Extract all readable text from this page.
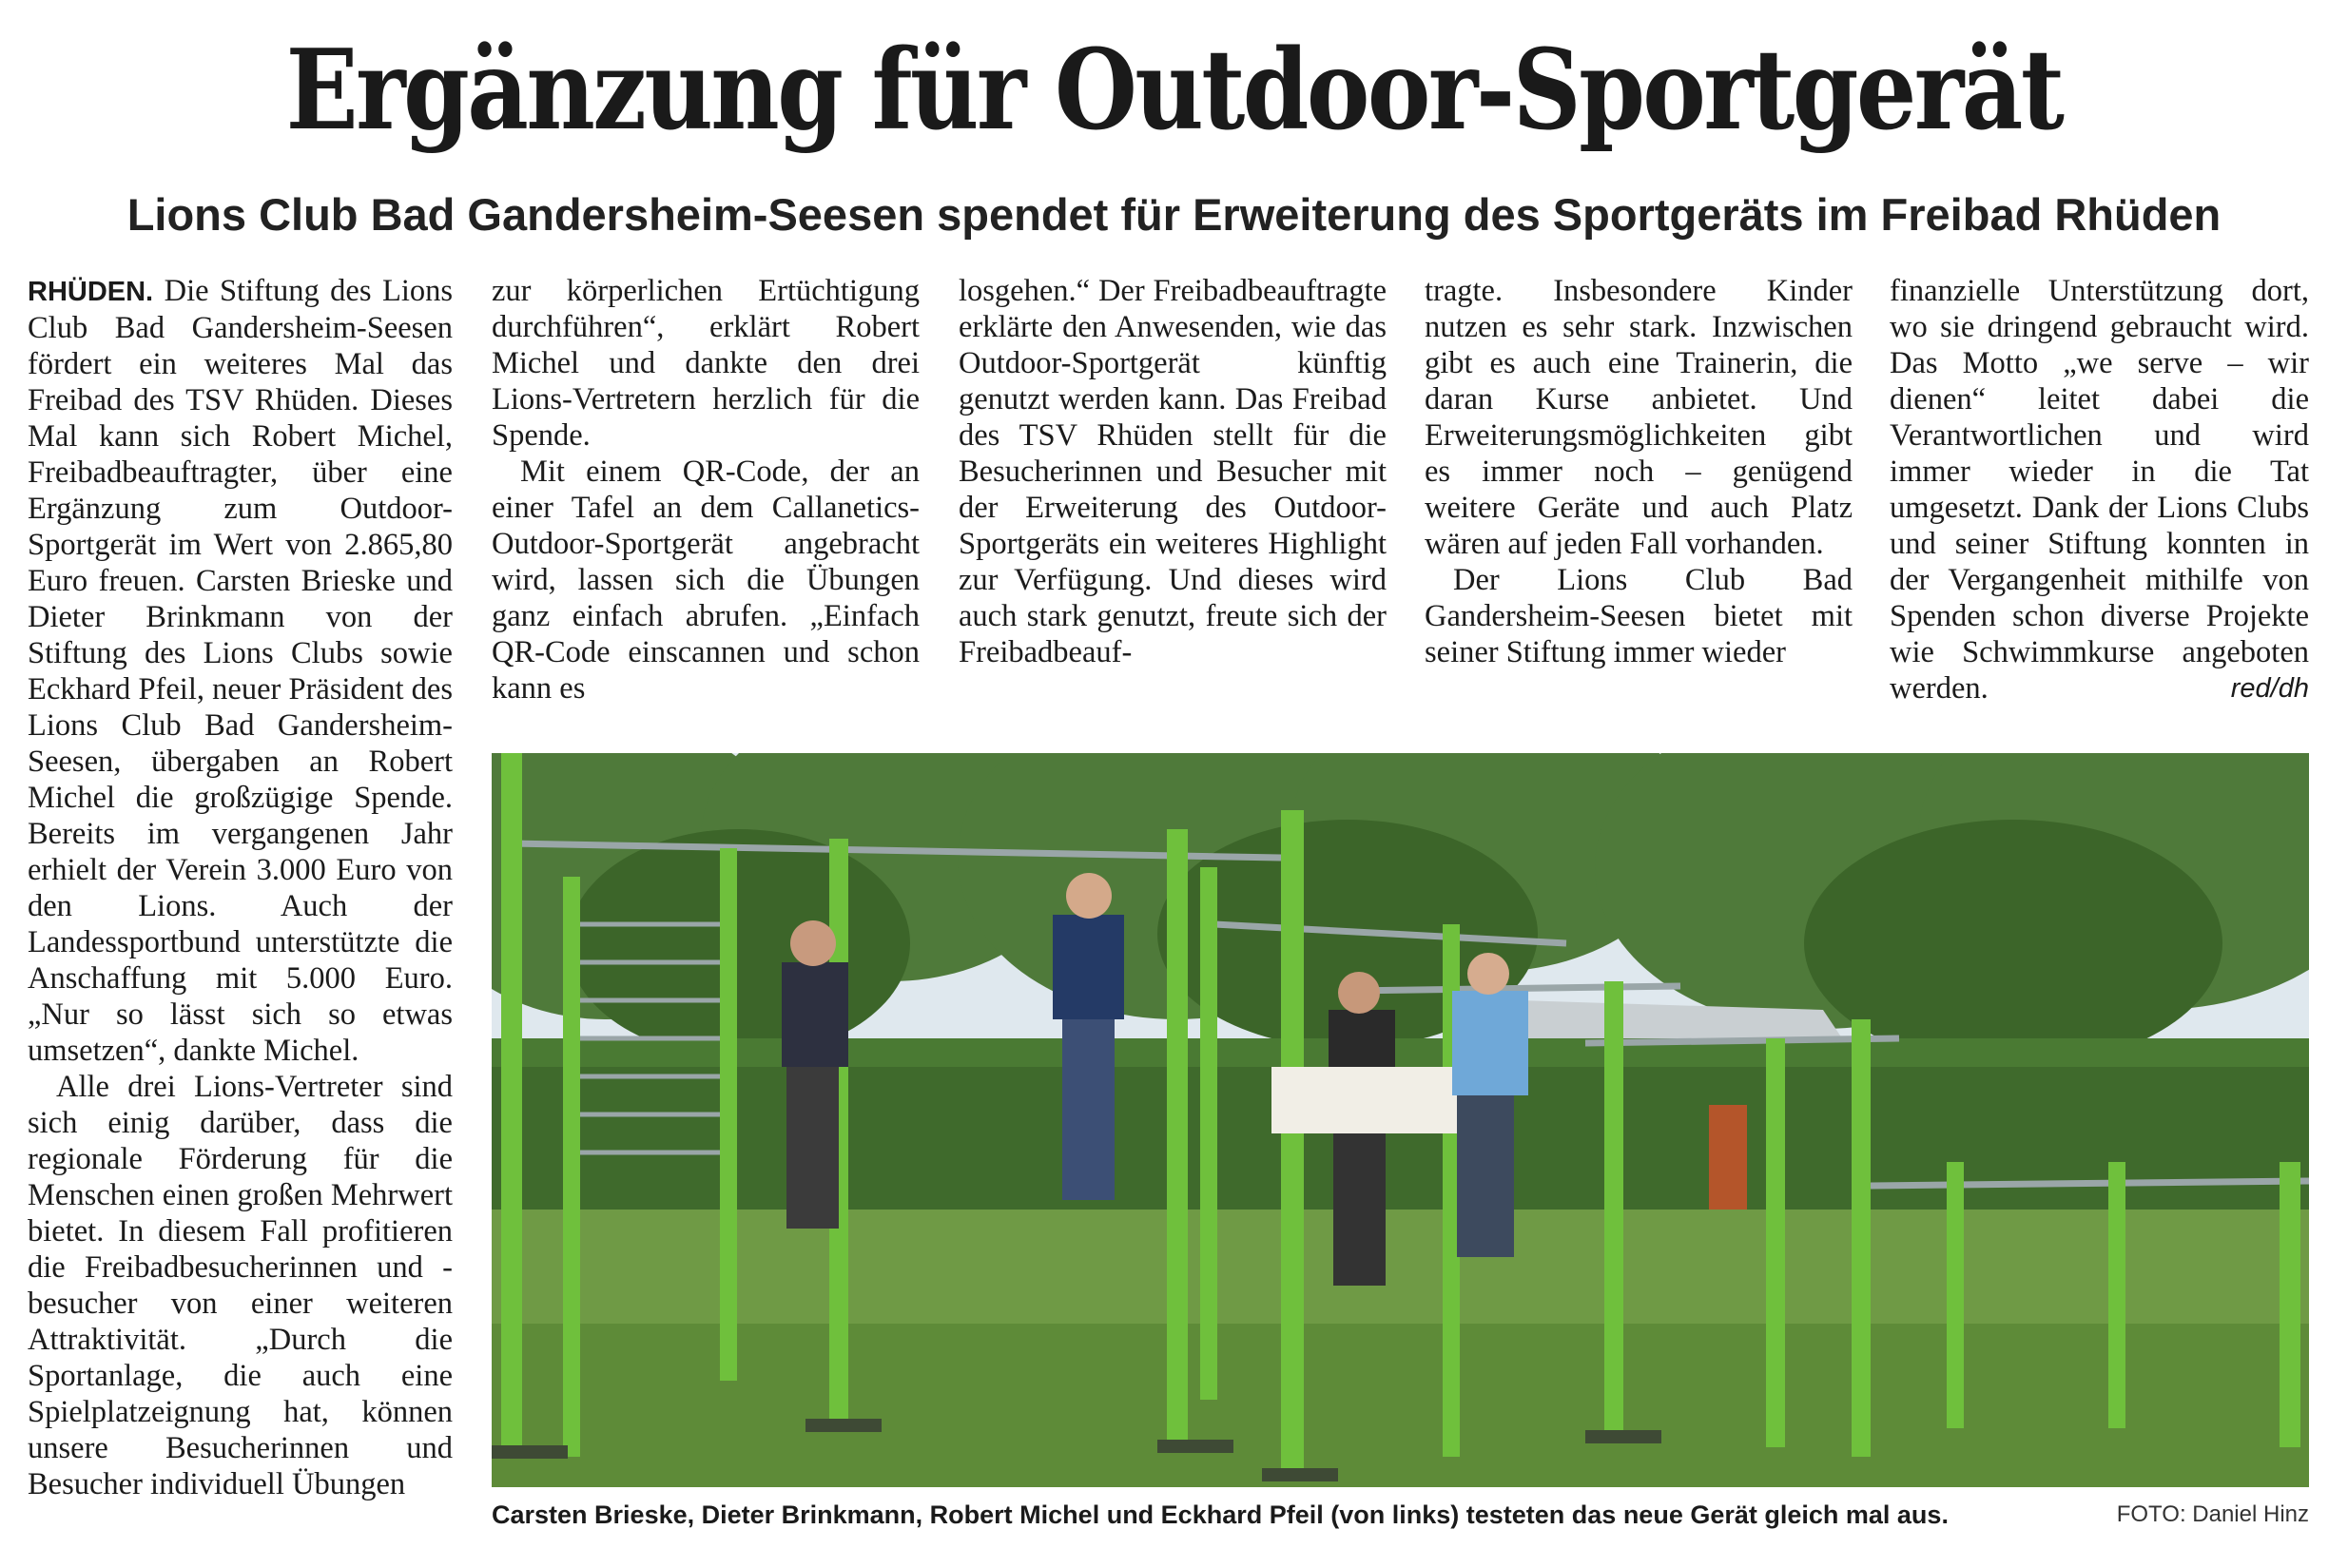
Ergänzung für Outdoor-Sportgerät
Lions Club Bad Gandersheim-Seesen spendet für Erweiterung des Sportgeräts im Freibad Rhüden

RHÜDEN. Die Stiftung des Lions Club Bad Gandersheim-Seesen fördert ein weiteres Mal das Freibad des TSV Rhüden. Dieses Mal kann sich Robert Michel, Freibadbeauftragter, über eine Ergänzung zum Outdoor-Sportgerät im Wert von 2.865,80 Euro freuen. Carsten Brieske und Dieter Brinkmann von der Stiftung des Lions Clubs sowie Eckhard Pfeil, neuer Präsident des Lions Club Bad Gandersheim-Seesen, übergaben an Robert Michel die großzügige Spende. Bereits im vergangenen Jahr erhielt der Verein 3.000 Euro von den Lions. Auch der Landessportbund unterstützte die Anschaffung mit 5.000 Euro. „Nur so lässt sich so etwas umsetzen“, dankte Michel.

Alle drei Lions-Vertreter sind sich einig darüber, dass die regionale Förderung für die Menschen einen großen Mehrwert bietet. In diesem Fall profitieren die Freibadbesucherinnen und -besucher von einer weiteren Attraktivität. „Durch die Sportanlage, die auch eine Spielplatzeignung hat, können unsere Besucherinnen und Besucher individuell Übungen

zur körperlichen Ertüchtigung durchführen“, erklärt Robert Michel und dankte den drei Lions-Vertretern herzlich für die Spende.

Mit einem QR-Code, der an einer Tafel an dem Callanetics-Outdoor-Sportgerät angebracht wird, lassen sich die Übungen ganz einfach abrufen. „Einfach QR-Code einscannen und schon kann es

losgehen.“ Der Freibadbeauftragte erklärte den Anwesenden, wie das Outdoor-Sportgerät künftig genutzt werden kann. Das Freibad des TSV Rhüden stellt für die Besucherinnen und Besucher mit der Erweiterung des Outdoor-Sportgeräts ein weiteres Highlight zur Verfügung. Und dieses wird auch stark genutzt, freute sich der Freibadbeauf-

tragte. Insbesondere Kinder nutzen es sehr stark. Inzwischen gibt es auch eine Trainerin, die daran Kurse anbietet. Und Erweiterungsmöglichkeiten gibt es immer noch – genügend weitere Geräte und auch Platz wären auf jeden Fall vorhanden.

Der Lions Club Bad Gandersheim-Seesen bietet mit seiner Stiftung immer wieder

finanzielle Unterstützung dort, wo sie dringend gebraucht wird. Das Motto „we serve – wir dienen“ leitet dabei die Verantwortlichen und wird immer wieder in die Tat umgesetzt. Dank der Lions Clubs und seiner Stiftung konnten in der Vergangenheit mithilfe von Spenden schon diverse Projekte wie Schwimmkurse angeboten werden.	red/dh

Carsten Brieske, Dieter Brinkmann, Robert Michel und Eckhard Pfeil (von links) testeten das neue Gerät gleich mal aus.	FOTO: Daniel Hinz
